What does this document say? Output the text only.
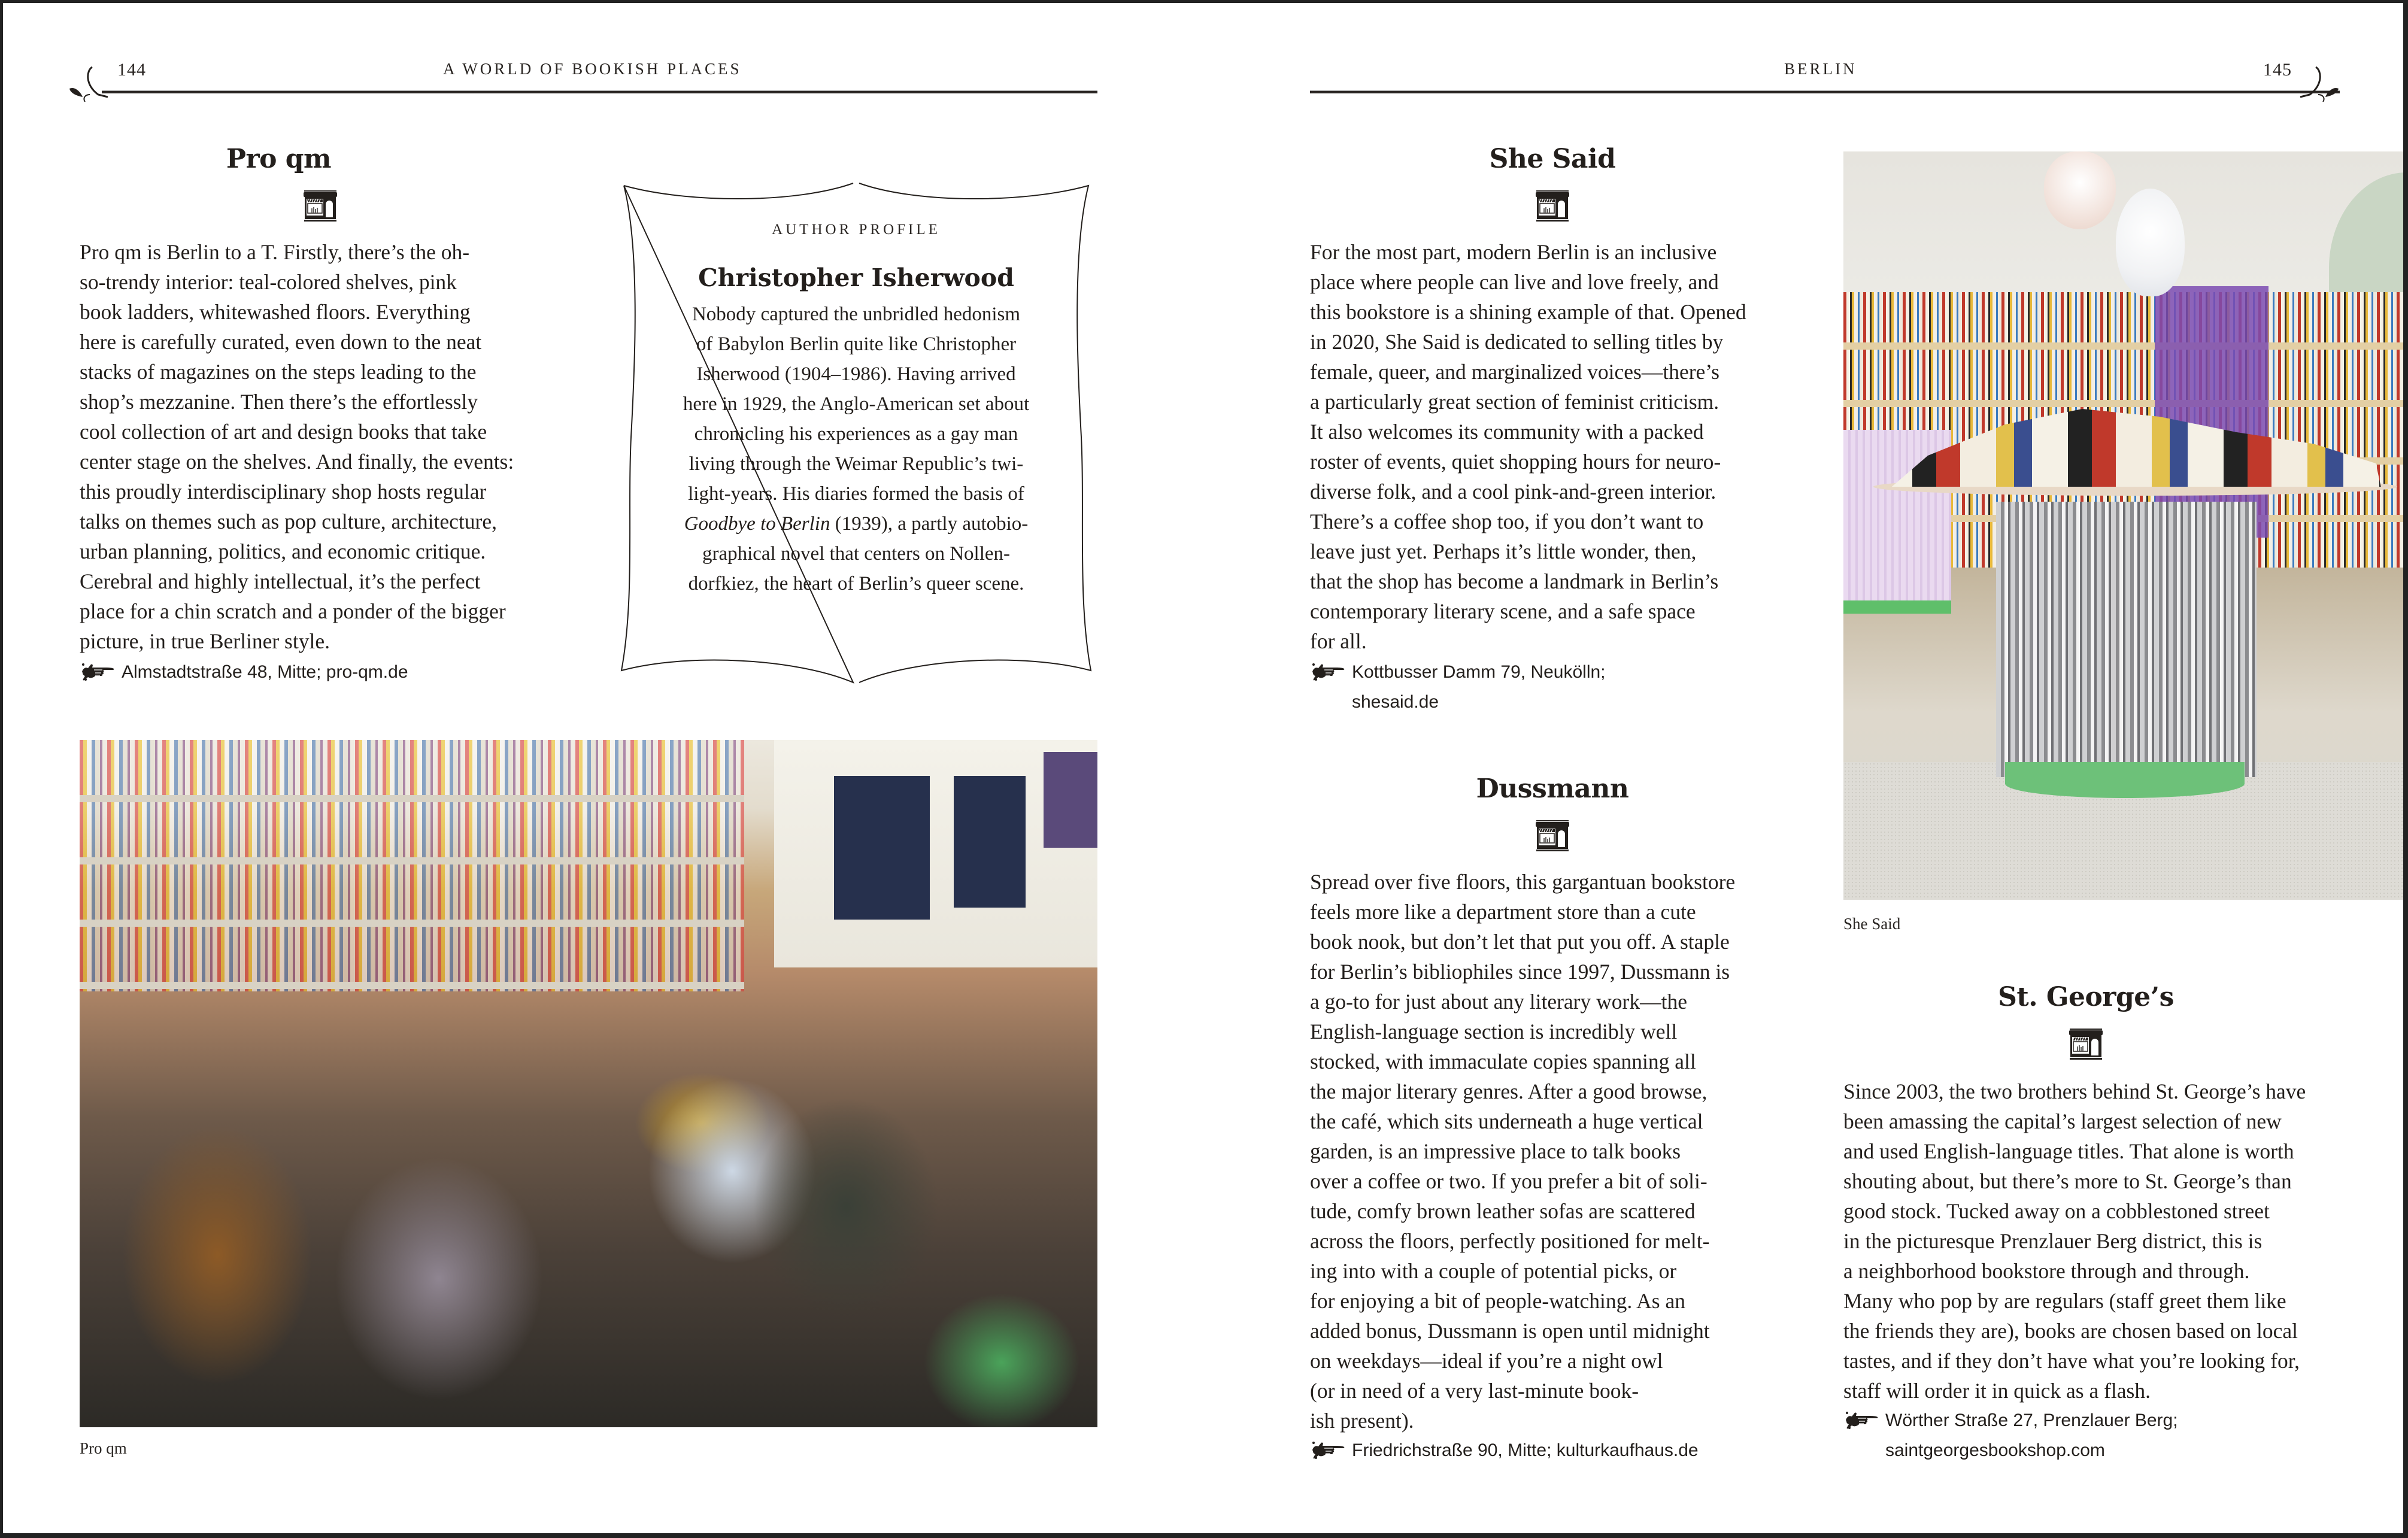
144	A WORLD OF BOOKISH PLACES
Pro qm
Pro qm is Berlin to a T. Firstly, there’s the oh-
so-trendy interior: teal-colored shelves, pink
book ladders, whitewashed floors. Everything
here is carefully curated, even down to the neat
stacks of magazines on the steps leading to the
shop’s mezzanine. Then there’s the effortlessly
cool collection of art and design books that take
center stage on the shelves. And finally, the events:
this proudly interdisciplinary shop hosts regular
talks on themes such as pop culture, architecture,
urban planning, politics, and economic critique.
Cerebral and highly intellectual, it’s the perfect
place for a chin scratch and a ponder of the bigger
picture, in true Berliner style.
Almstadtstraße 48, Mitte; pro-qm.de
AUTHOR PROFILE
Christopher Isherwood
Nobody captured the unbridled hedonism
of Babylon Berlin quite like Christopher
Isherwood (1904–1986). Having arrived
here in 1929, the Anglo-American set about
chronicling his experiences as a gay man
living through the Weimar Republic’s twi-
light-years. His diaries formed the basis of
Goodbye to Berlin (1939), a partly autobio-
graphical novel that centers on Nollen-
dorfkiez, the heart of Berlin’s queer scene.
Pro qm
BERLIN	145
She Said
For the most part, modern Berlin is an inclusive
place where people can live and love freely, and
this bookstore is a shining example of that. Opened
in 2020, She Said is dedicated to selling titles by
female, queer, and marginalized voices—there’s
a particularly great section of feminist criticism.
It also welcomes its community with a packed
roster of events, quiet shopping hours for neuro-
diverse folk, and a cool pink-and-green interior.
There’s a coffee shop too, if you don’t want to
leave just yet. Perhaps it’s little wonder, then,
that the shop has become a landmark in Berlin’s
contemporary literary scene, and a safe space
for all.
Kottbusser Damm 79, Neukölln;
shesaid.de
Dussmann
Spread over five floors, this gargantuan bookstore
feels more like a department store than a cute
book nook, but don’t let that put you off. A staple
for Berlin’s bibliophiles since 1997, Dussmann is
a go-to for just about any literary work—the
English-language section is incredibly well
stocked, with immaculate copies spanning all
the major literary genres. After a good browse,
the café, which sits underneath a huge vertical
garden, is an impressive place to talk books
over a coffee or two. If you prefer a bit of soli-
tude, comfy brown leather sofas are scattered
across the floors, perfectly positioned for melt-
ing into with a couple of potential picks, or
for enjoying a bit of people-watching. As an
added bonus, Dussmann is open until midnight
on weekdays—ideal if you’re a night owl
(or in need of a very last-minute book-
ish present).
Friedrichstraße 90, Mitte; kulturkaufhaus.de
She Said
St. George’s
Since 2003, the two brothers behind St. George’s have
been amassing the capital’s largest selection of new
and used English-language titles. That alone is worth
shouting about, but there’s more to St. George’s than
good stock. Tucked away on a cobblestoned street
in the picturesque Prenzlauer Berg district, this is
a neighborhood bookstore through and through.
Many who pop by are regulars (staff greet them like
the friends they are), books are chosen based on local
tastes, and if they don’t have what you’re looking for,
staff will order it in quick as a flash.
Wörther Straße 27, Prenzlauer Berg;
saintgeorgesbookshop.com
